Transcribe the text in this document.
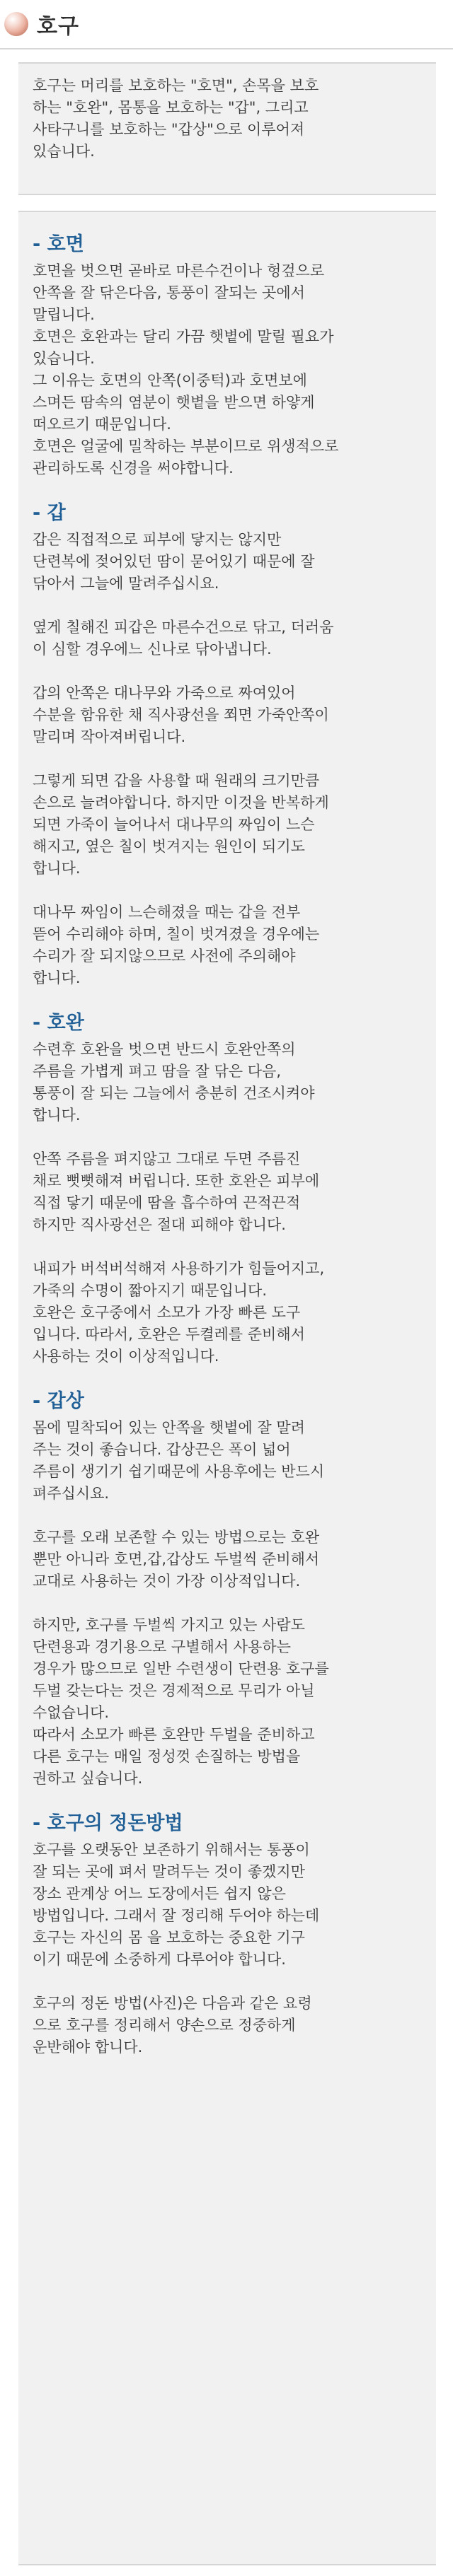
호구
호구는 머리를 보호하는 "호면", 손목을 보호
하는 "호완", 몸통을 보호하는 "갑", 그리고
사타구니를 보호하는 "갑상"으로 이루어져
있습니다.
- 호면
호면을 벗으면 곧바로 마른수건이나 헝겊으로
안쪽을 잘 닦은다음, 통풍이 잘되는 곳에서
말립니다.
호면은 호완과는 달리 가끔 햇볕에 말릴 필요가
있습니다.
그 이유는 호면의 안쪽(이중턱)과 호면보에
스며든 땀속의 염분이 햇볕을 받으면 하얗게
떠오르기 때문입니다.
호면은 얼굴에 밀착하는 부분이므로 위생적으로
관리하도록 신경을 써야합니다.
- 갑
갑은 직접적으로 피부에 닿지는 않지만
단련복에 젖어있던 땀이 묻어있기 때문에 잘
닦아서 그늘에 말려주십시요.
옆게 칠해진 피갑은 마른수건으로 닦고, 더러움
이 심할 경우에느 신나로 닦아냅니다.
갑의 안쪽은 대나무와 가죽으로 짜여있어
수분을 함유한 채 직사광선을 쬐면 가죽안쪽이
말리며 작아져버립니다.
그렇게 되면 갑을 사용할 때 원래의 크기만큼
손으로 늘려야합니다. 하지만 이것을 반복하게
되면 가죽이 늘어나서 대나무의 짜임이 느슨
해지고, 옆은 칠이 벗겨지는 원인이 되기도
합니다.
대나무 짜임이 느슨해졌을 때는 갑을 전부
뜯어 수리해야 하며, 칠이 벗겨졌을 경우에는
수리가 잘 되지않으므로 사전에 주의해야
합니다.
- 호완
수련후 호완을 벗으면 반드시 호완안쪽의
주름을 가볍게 펴고 땀을 잘 닦은 다음,
통풍이 잘 되는 그늘에서 충분히 건조시켜야
합니다.
안쪽 주름을 펴지않고 그대로 두면 주름진
채로 뻣뻣해져 버립니다. 또한 호완은 피부에
직접 닿기 때문에 땀을 흡수하여 끈적끈적
하지만 직사광선은 절대 피해야 합니다.
내피가 버석버석해져 사용하기가 힘들어지고,
가죽의 수명이 짧아지기 때문입니다.
호완은 호구중에서 소모가 가장 빠른 도구
입니다. 따라서, 호완은 두켤레를 준비해서
사용하는 것이 이상적입니다.
- 갑상
몸에 밀착되어 있는 안쪽을 햇볕에 잘 말려
주는 것이 좋습니다. 갑상끈은 폭이 넓어
주름이 생기기 쉽기때문에 사용후에는 반드시
펴주십시요.
호구를 오래 보존할 수 있는 방법으로는 호완
뿐만 아니라 호면,갑,갑상도 두벌씩 준비해서
교대로 사용하는 것이 가장 이상적입니다.
하지만, 호구를 두벌씩 가지고 있는 사람도
단련용과 경기용으로 구별해서 사용하는
경우가 많으므로 일반 수련생이 단련용 호구를
두벌 갖는다는 것은 경제적으로 무리가 아닐
수없습니다.
따라서 소모가 빠른 호완만 두벌을 준비하고
다른 호구는 매일 정성껏 손질하는 방법을
권하고 싶습니다.
- 호구의 정돈방법
호구를 오랫동안 보존하기 위해서는 통풍이
잘 되는 곳에 펴서 말려두는 것이 좋겠지만
장소 관계상 어느 도장에서든 쉽지 않은
방법입니다. 그래서 잘 정리해 두어야 하는데
호구는 자신의 몸 을 보호하는 중요한 기구
이기 때문에 소중하게 다루어야 합니다.
호구의 정돈 방법(사진)은 다음과 같은 요령
으로 호구를 정리해서 양손으로 정중하게
운반해야 합니다.
